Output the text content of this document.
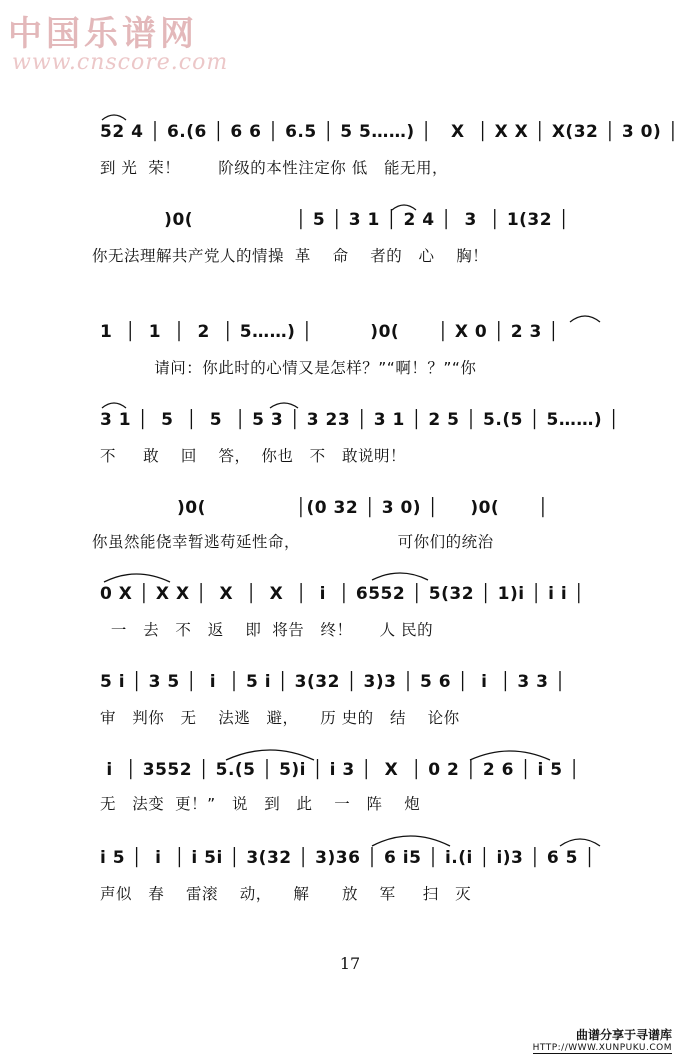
中国乐谱网
www.cnscore.com
52 4 │ 6.(6 │ 6 6 │ 6.5 │ 5 5……) │   X  │ X X │ X(32 │ 3 0) │
到 光  荣！       阶级的本性注定你 低   能无用，
)0(                │ 5 │ 3 1 │ 2 4 │  3  │ 1(32 │
你无法理解共产党人的情操  革    命    者的   心    胸！
1  │  1  │  2  │ 5……) │         )0(      │ X 0 │ 2 3 │
请问：你此时的心情又是怎样？”“啊！？”“你
3 1 │  5  │  5  │ 5 3 │ 3 23 │ 3 1 │ 2 5 │ 5.(5 │ 5……) │
不     敢    回    答，  你也   不   敢说明！
)0(              │(0 32 │ 3 0) │     )0(      │
你虽然能侥幸暂逃苟延性命，                  可你们的统治
0 X │ X X │  X  │  X  │  i  │ 6552 │ 5(32 │ 1)i │ i i │
一   去   不   返    即  将告   终！     人 民的
5 i │ 3 5 │  i  │ 5 i │ 3(32 │ 3)3 │ 5 6 │  i  │ 3 3 │
审   判你   无    法逃   避，    历 史的   结    论你
i  │ 3552 │ 5.(5 │ 5)i │ i 3 │  X  │ 0 2 │ 2 6 │ i 5 │
无   法变  更！”   说   到   此    一   阵    炮
i 5 │  i  │ i 5i │ 3(32 │ 3)36 │ 6 i5 │ i.(i │ i)3 │ 6 5 │
声似   春    雷滚    动，    解      放    军     扫   灭
17
曲谱分享于寻谱库
HTTP://WWW.XUNPUKU.COM
